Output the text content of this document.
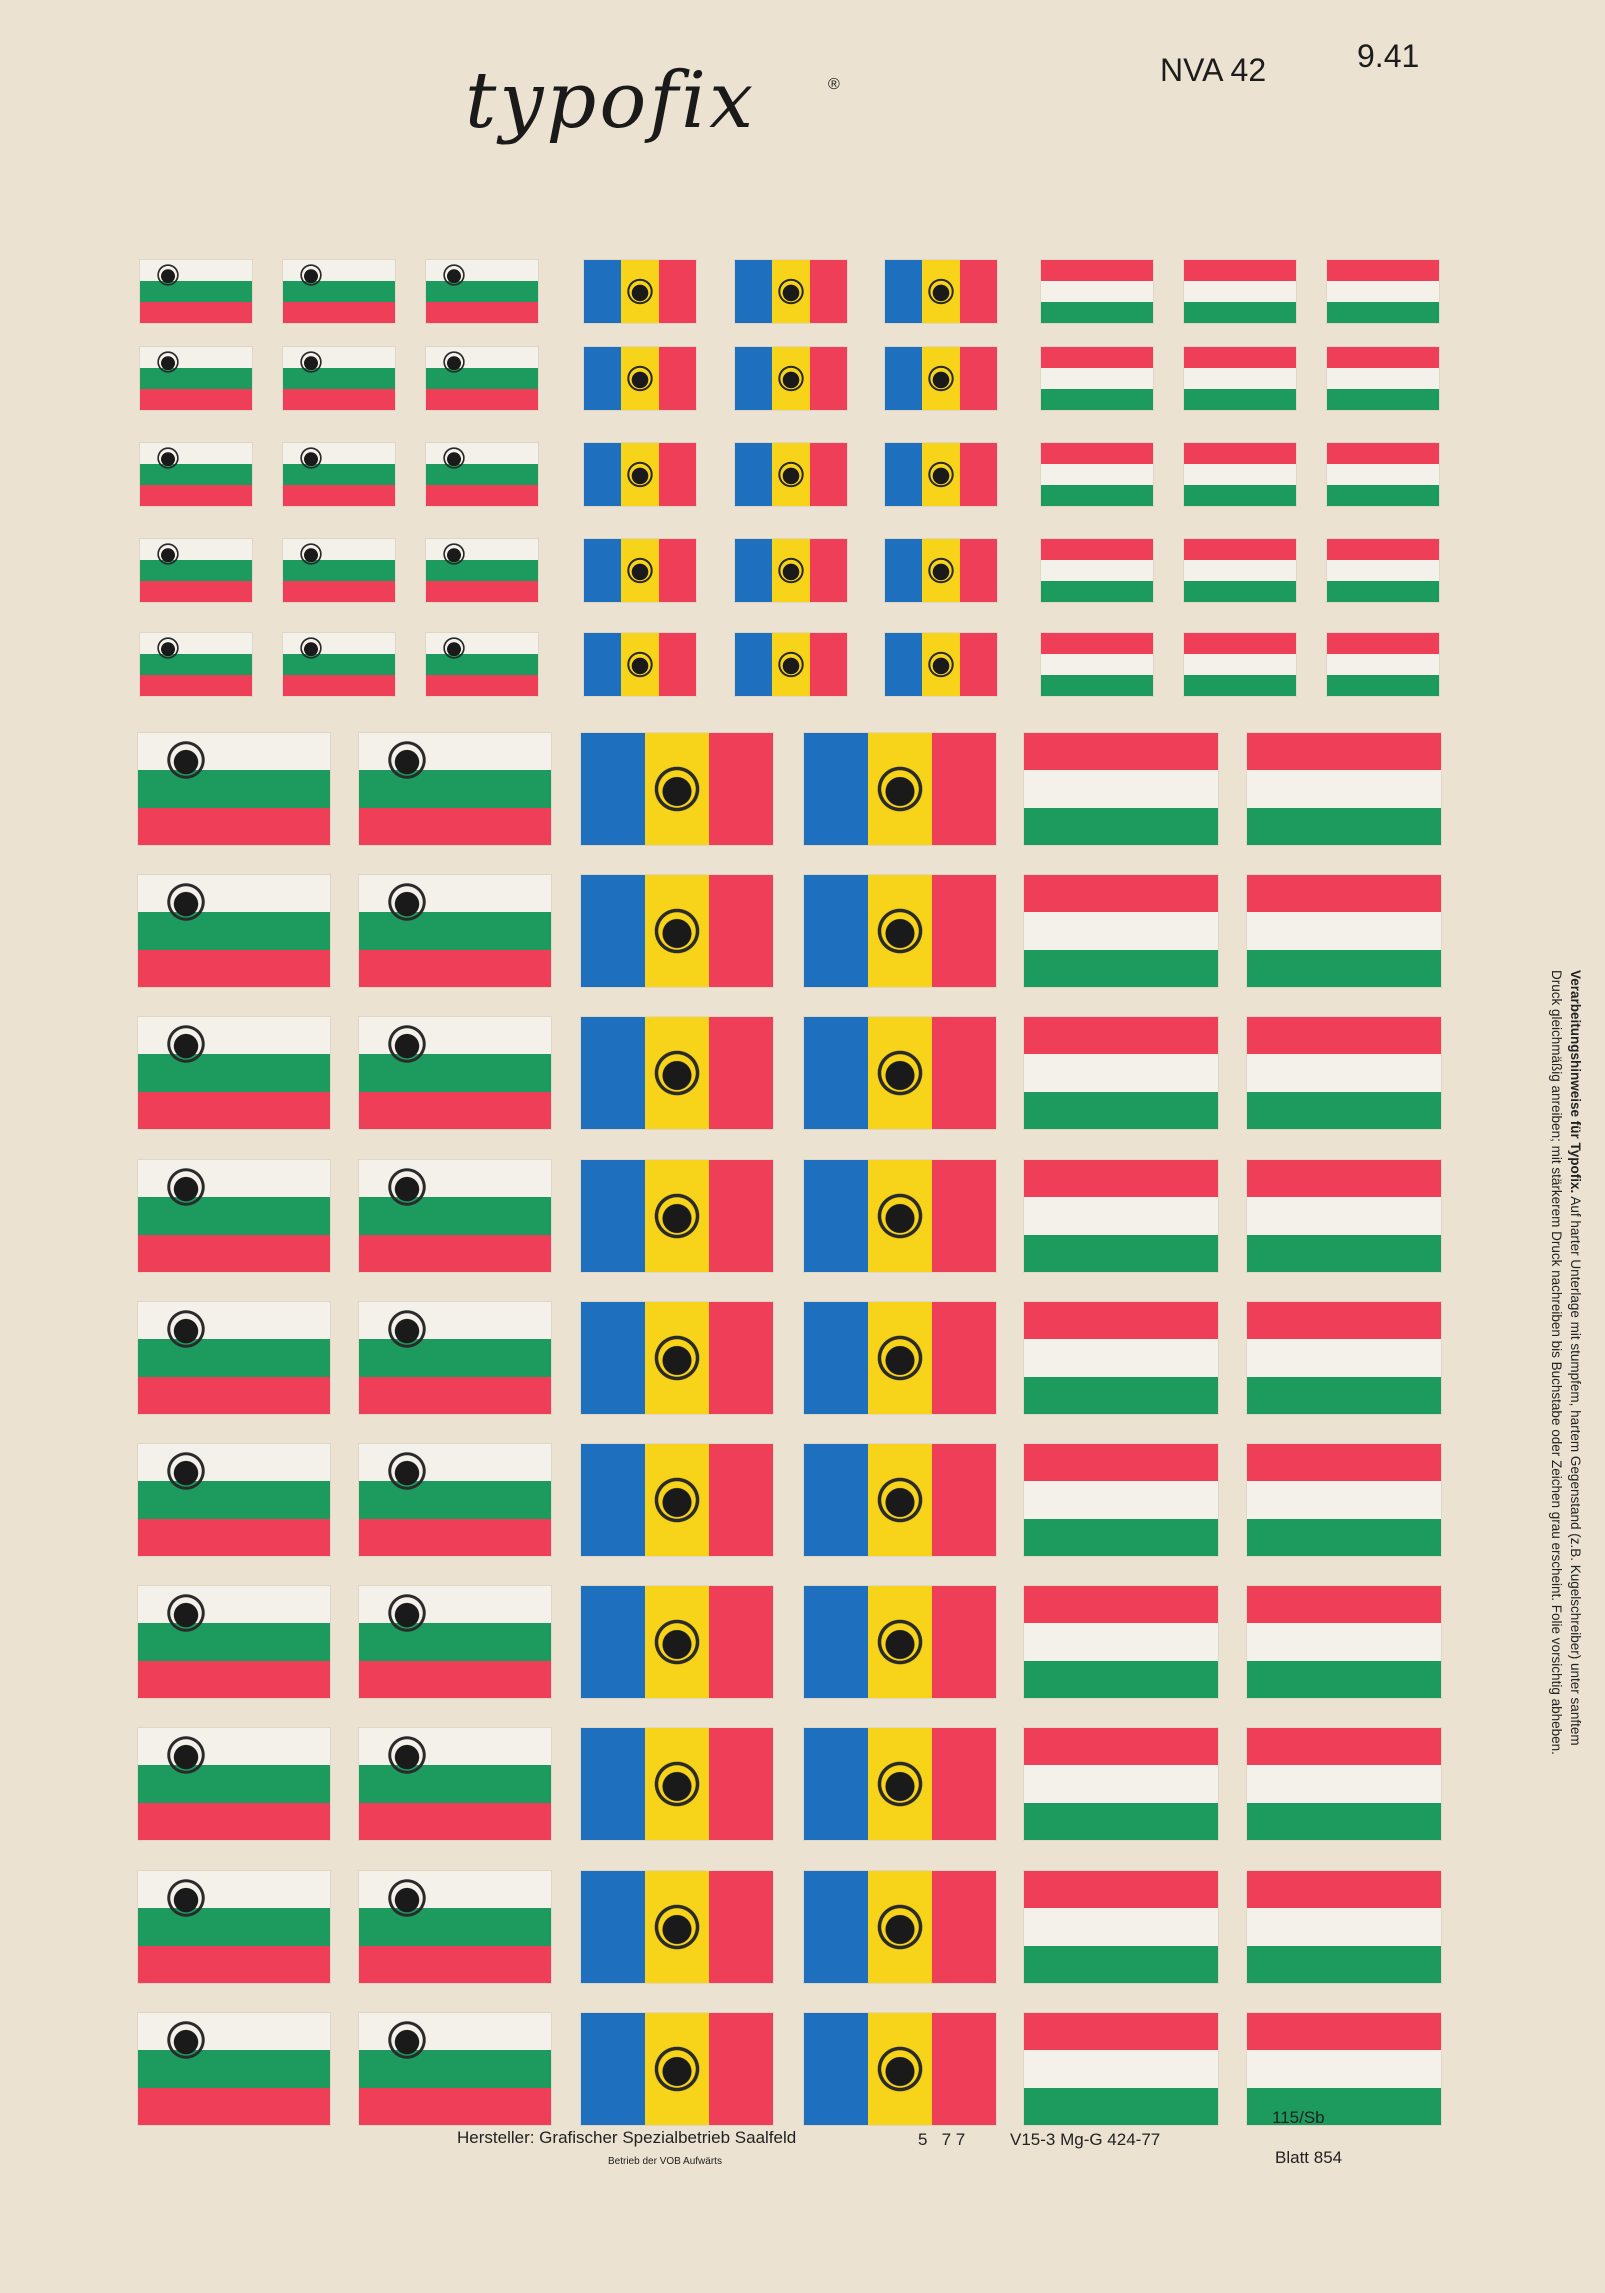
typofix	®	NVA 42	9.41
Verarbeitungshinweise für Typofix. Auf harter Unterlage mit stumpfem, hartem Gegenstand (z.B. Kugelschreiber) unter sanftem
Druck gleichmäßig anreiben; mit stärkerem Druck nachreiben bis Buchstabe oder Zeichen grau erscheint. Folie vorsichtig abheben.
Hersteller: Grafischer Spezialbetrieb Saalfeld
Betrieb der VOB Aufwärts
5   7 7	V15-3 Mg-G 424-77
115/Sb
Blatt 854
